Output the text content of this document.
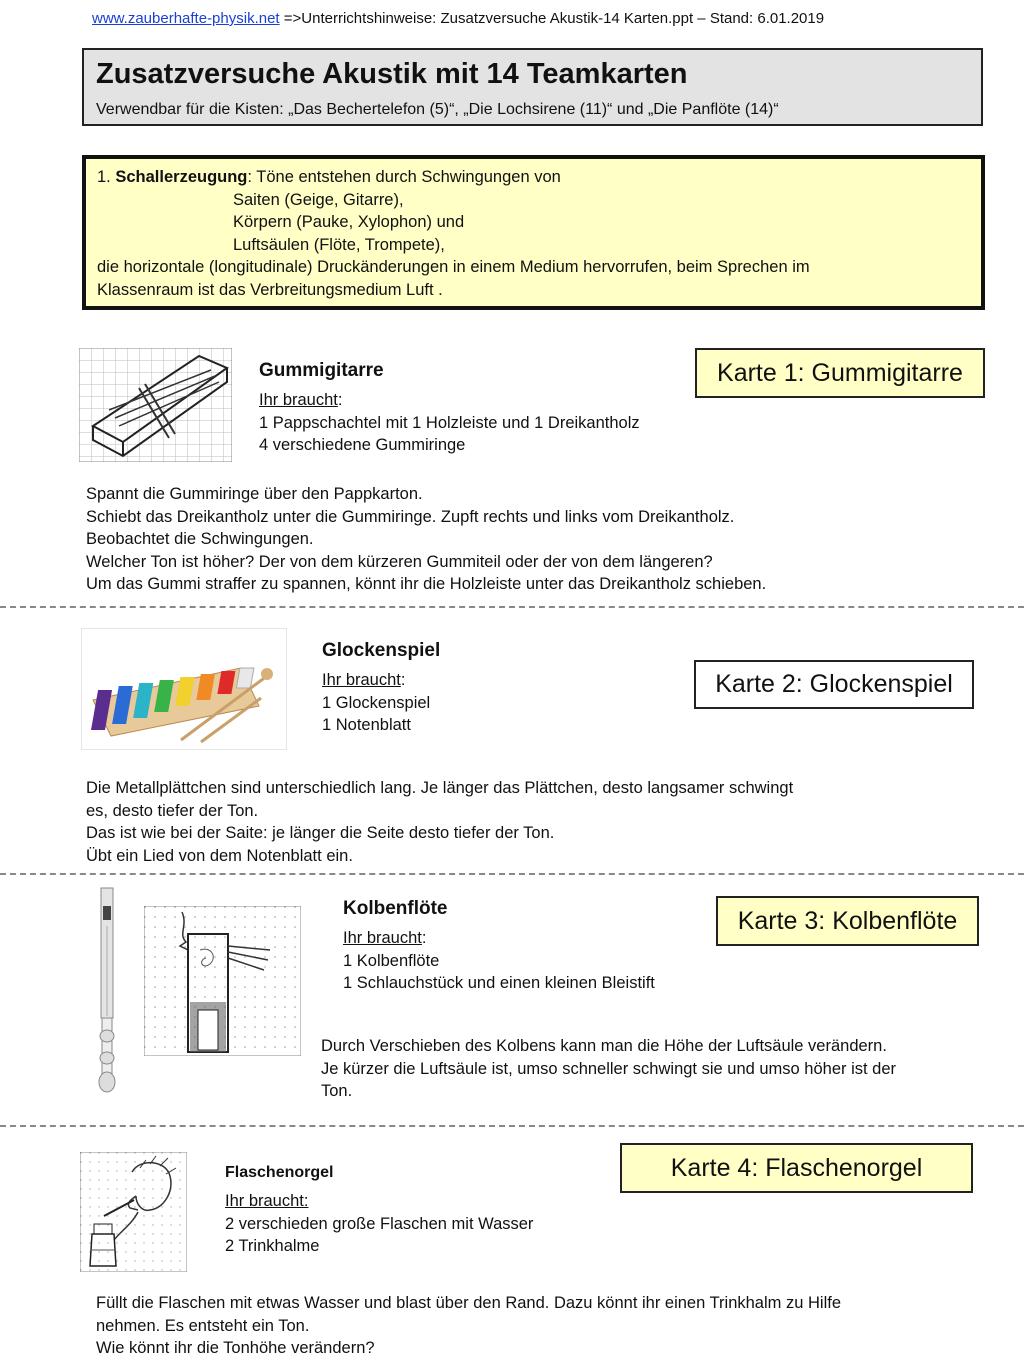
www.zauberhafte-physik.net =>Unterrichtshinweise: Zusatzversuche Akustik-14 Karten.ppt – Stand: 6.01.2019
Zusatzversuche Akustik mit 14 Teamkarten
Verwendbar für die Kisten: „Das Bechertelefon (5)“, „Die Lochsirene (11)“ und „Die Panflöte (14)“
1. Schallerzeugung: Töne entstehen durch Schwingungen von
Saiten (Geige, Gitarre),
Körpern (Pauke, Xylophon) und
Luftsäulen (Flöte, Trompete),
die horizontale (longitudinale) Druckänderungen in einem Medium hervorrufen, beim Sprechen im
Klassenraum ist das Verbreitungsmedium Luft .
Gummigitarre
Ihr braucht:
1 Pappschachtel mit 1 Holzleiste und 1 Dreikantholz
4 verschiedene Gummiringe
Karte 1: Gummigitarre
Spannt die Gummiringe über den Pappkarton.
Schiebt das Dreikantholz unter die Gummiringe. Zupft rechts und links vom Dreikantholz.
Beobachtet die Schwingungen.
Welcher Ton ist höher? Der von dem kürzeren Gummiteil oder der von dem längeren?
Um das Gummi straffer zu spannen, könnt ihr die Holzleiste unter das Dreikantholz schieben.
Glockenspiel
Ihr braucht:
1 Glockenspiel
1 Notenblatt
Karte 2: Glockenspiel
Die Metallplättchen sind unterschiedlich lang. Je länger das Plättchen, desto langsamer schwingt
es, desto tiefer der Ton.
Das ist wie bei der Saite: je länger die Seite desto tiefer der Ton.
Übt ein Lied von dem Notenblatt ein.
Kolbenflöte
Ihr braucht:
1 Kolbenflöte
1 Schlauchstück und einen kleinen Bleistift
Karte 3: Kolbenflöte
Durch Verschieben des Kolbens kann man die Höhe der Luftsäule verändern.
Je kürzer die Luftsäule ist, umso schneller schwingt sie und umso höher ist der
Ton.
Flaschenorgel
Ihr braucht:
2 verschieden große Flaschen mit Wasser
2 Trinkhalme
Karte 4: Flaschenorgel
Füllt die Flaschen mit etwas Wasser und blast über den Rand. Dazu könnt ihr einen Trinkhalm zu Hilfe
nehmen. Es entsteht ein Ton.
Wie könnt ihr die Tonhöhe verändern?
